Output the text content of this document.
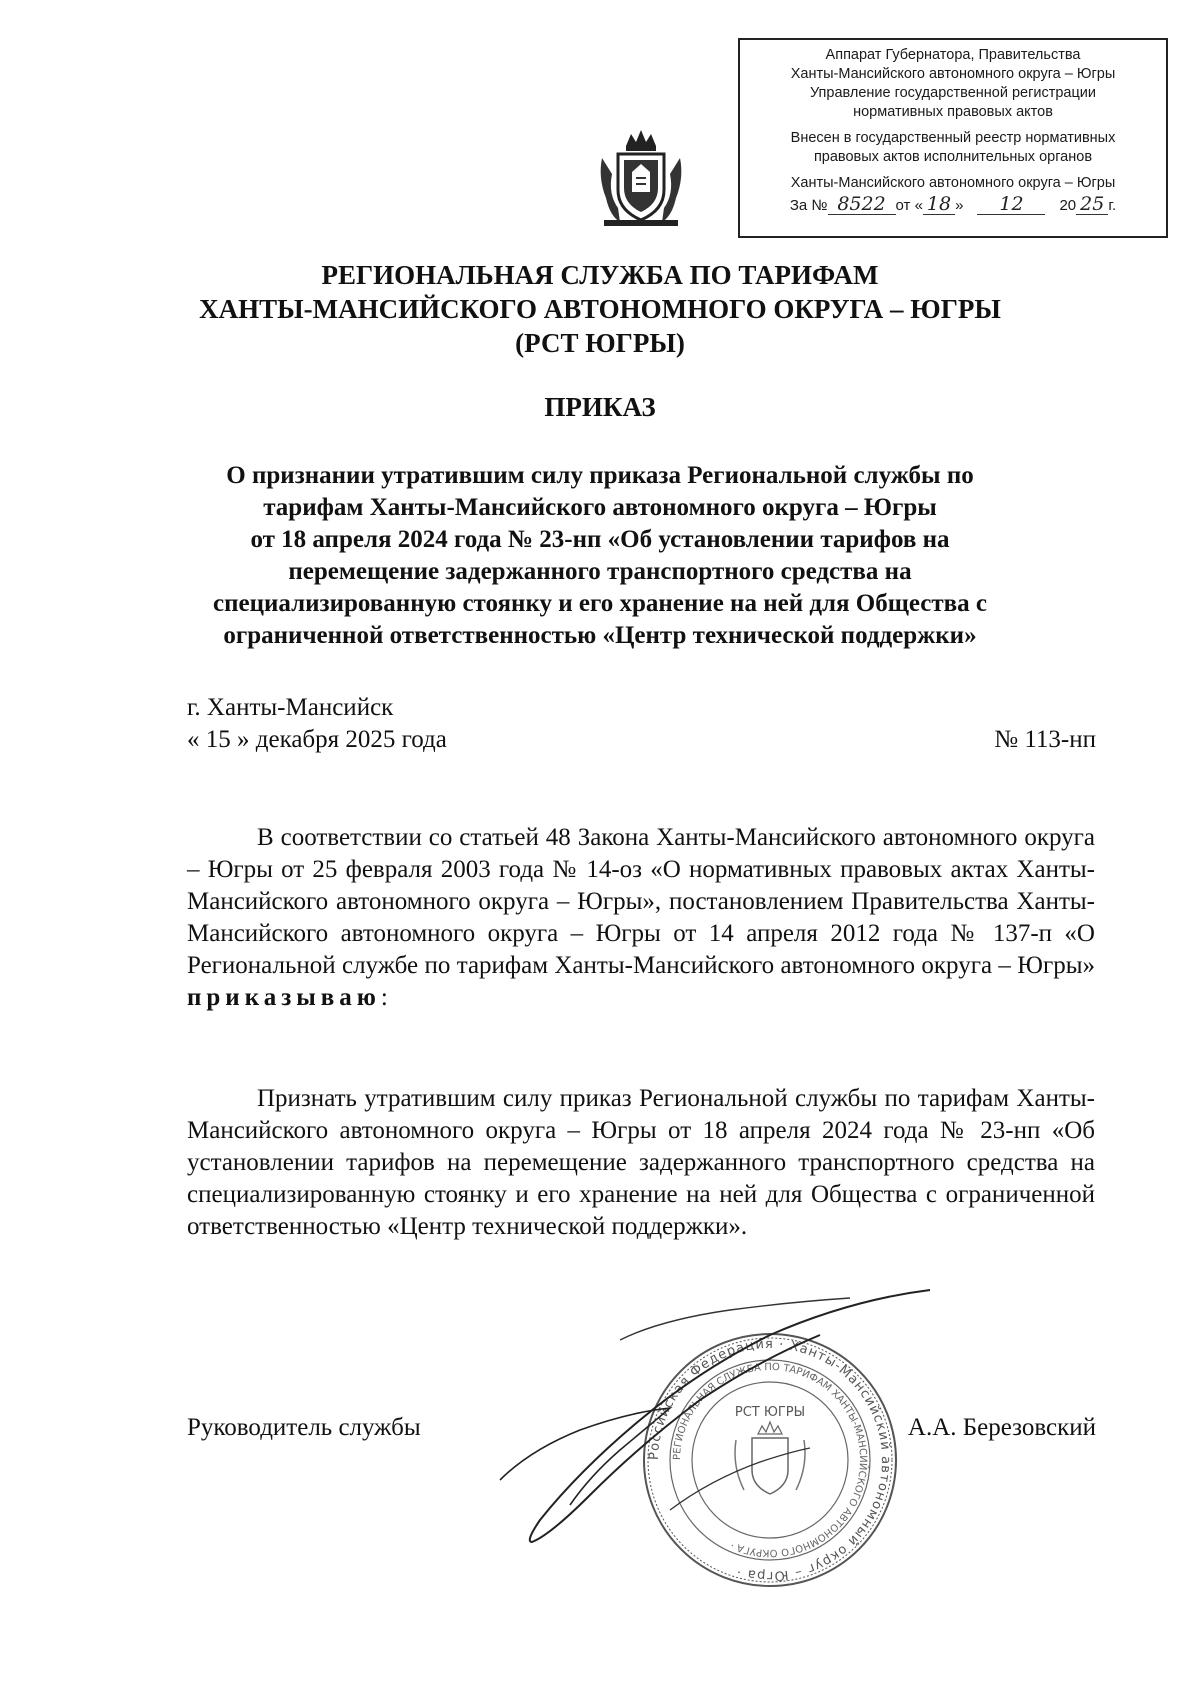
Аппарат Губернатора, Правительства
Ханты-Мансийского автономного округа – Югры
Управление государственной регистрации
нормативных правовых актов
Внесен в государственный реестр нормативных
правовых актов исполнительных органов
Ханты-Мансийского автономного округа – Югры
За № 8522 от « 18 »	12	20 25 г.
РЕГИОНАЛЬНАЯ СЛУЖБА ПО ТАРИФАМ
ХАНТЫ-МАНСИЙСКОГО АВТОНОМНОГО ОКРУГА – ЮГРЫ
(РСТ ЮГРЫ)
ПРИКАЗ
О признании утратившим силу приказа Региональной службы по
тарифам Ханты-Мансийского автономного округа – Югры
от 18 апреля 2024 года № 23-нп «Об установлении тарифов на
перемещение задержанного транспортного средства на
специализированную стоянку и его хранение на ней для Общества с
ограниченной ответственностью «Центр технической поддержки»
г. Ханты-Мансийск
« 15 » декабря 2025 года	№ 113-нп
В соответствии со статьей 48 Закона Ханты-Мансийского автономного округа – Югры от 25 февраля 2003 года № 14-оз «О нормативных правовых актах Ханты-Мансийского автономного округа – Югры», постановлением Правительства Ханты-Мансийского автономного округа – Югры от 14 апреля 2012 года № 137-п «О Региональной службе по тарифам Ханты-Мансийского автономного округа – Югры» приказываю:
Признать утратившим силу приказ Региональной службы по тарифам Ханты-Мансийского автономного округа – Югры от 18 апреля 2024 года № 23-нп «Об установлении тарифов на перемещение задержанного транспортного средства на специализированную стоянку и его хранение на ней для Общества с ограниченной ответственностью «Центр технической поддержки».
Российская Федерация · Ханты-Мансийский автономный округ – Югра ·
РЕГИОНАЛЬНАЯ СЛУЖБА ПО ТАРИФАМ ХАНТЫ-МАНСИЙСКОГО АВТОНОМНОГО ОКРУГА ·
РСТ ЮГРЫ
Руководитель службы	А.А. Березовский
